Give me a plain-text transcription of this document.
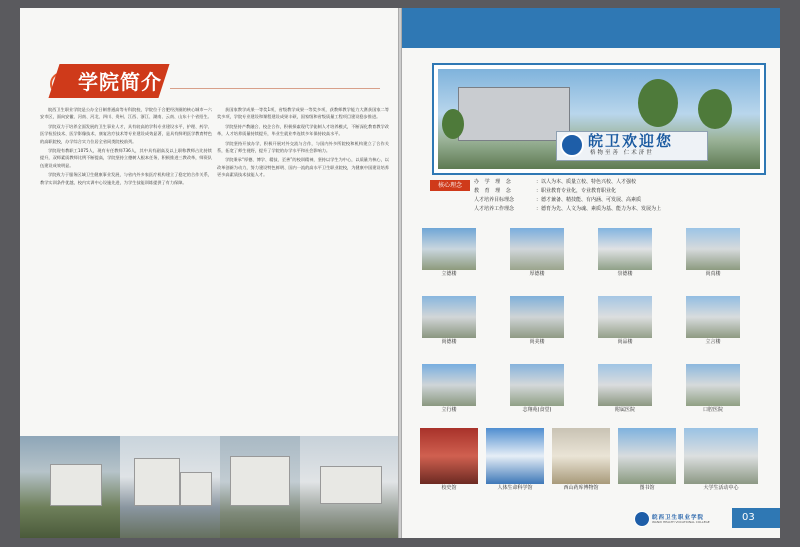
学院简介

皖西卫生职业学院是公办全日制普通高等专科院校，学院位于合肥经济圈的核心城市—六安市区，面向安徽、河南、河北、四川、贵州、江西、浙江、湖南、云南、山东十个省招生。

学院双力于培养全面发展的卫生事业人才，具有较高的学科专业建设水平，护理、药学、医学检验技术、医学影像技术、康复治疗技术等专业建设成效显著，是具有鲜明医学教育特色的高职院校，办学综合实力位居全省同类院校前列。

学院现有教职工1075人，现有专任教师736人，其中具有副高及以上职称教师占比持续提升，双师素质教师比例不断提高，学院坚持立德树人根本任务，积极推进三教改革，师资队伍建设成效明显。

学院致力于服务区域卫生健康事业发展，与省内外多家医疗机构建立了稳定的合作关系，教学实训条件优越，校内实训中心设施先进，为学生技能训练提供了有力保障。

获国家教学成果一等奖1项，省级教学成果一等奖多项，获教师教学能力大赛获国家二等奖多项，学院专业建设和课程建设成果丰硕，国家级和省级质量工程项目建设稳步推进。

学院坚持产教融合、校企合作，积极探索现代学徒制人才培养模式，不断深化教育教学改革，人才培养质量持续提升，毕业生就业率连续多年保持较高水平。

学院坚持开放办学，积极开展对外交流与合作，与国内外多所院校和机构建立了合作关系，拓宽了师生视野，提升了学院的办学水平和社会影响力。

学院秉承“厚德、博学、精技、至善”的校训精神，坚持以学生为中心，以质量为核心，以改革创新为动力，努力建设特色鲜明、国内一流的高水平卫生职业院校，为健康中国建设培养更多高素质技术技能人才。

皖卫欢迎您
格物至善 仁术济世
核心理念	办 学 理 念	： 以人为本、质量立校、特色兴校、人才强校
教 育 理 念	： 职业教育专业化，专业教育职业化
人才培养目标理念	： 德才兼备、精技能、有内涵、可发展、高素质
人才培养工作理念	： 德育为先、人文为魂、素质为基、能力为本、发展为上
立德楼	厚德楼	崇德楼	尚真楼
尚德楼	尚美楼	尚品楼	立言楼
立行楼	志翔苑(食堂)	附属医院	口腔医院
校史馆	人体生命科学馆	西山药库博物馆	图书馆	大学生活动中心
皖西卫生职业学院
WANXI HEALTH VOCATIONAL COLLEGE	03
